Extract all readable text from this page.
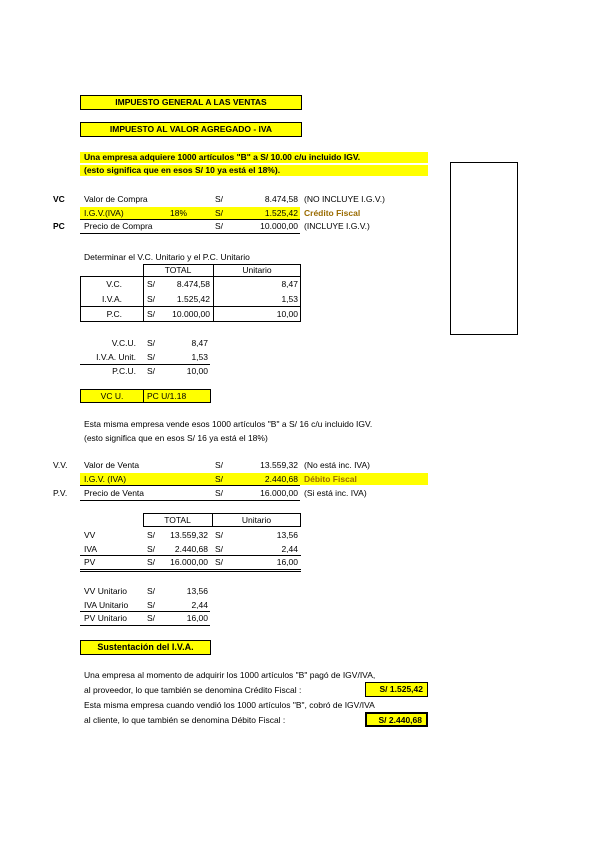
IMPUESTO GENERAL A LAS VENTAS
IMPUESTO AL VALOR AGREGADO - IVA
Una empresa adquiere 1000 artículos "B" a S/ 10.00 c/u incluido IGV.
(esto significa que en esos S/ 10 ya está el 18%).
VC Valor de Compra	S/	8.474,58 (NO INCLUYE I.G.V.)
I.G.V.(IVA)	18%	S/	1.525,42 Crédito Fiscal
PC Precio de Compra	S/	10.000,00 (INCLUYE I.G.V.)
Determinar el V.C. Unitario y el P.C. Unitario
TOTAL	Unitario
V.C.	S/	8.474,58	8,47
I.V.A.	S/	1.525,42	1,53
P.C.	S/	10.000,00	10,00
V.C.U. S/	8,47
I.V.A. Unit. S/	1,53
P.C.U. S/	10,00
VC U.	PC U/1.18
Esta misma empresa vende esos 1000 artículos "B" a S/ 16 c/u incluido IGV.
(esto significa que en esos S/ 16 ya está el 18%)
V.V. Valor de Venta	S/	13.559,32 (No está inc. IVA)
I.G.V. (IVA)	S/	2.440,68 Débito Fiscal
P.V. Precio de Venta	S/	16.000,00 (Si está inc. IVA)
TOTAL	Unitario
VV	S/	13.559,32 S/	13,56
IVA	S/	2.440,68 S/	2,44
PV	S/	16.000,00 S/	16,00
VV Unitario S/	13,56
IVA Unitario S/	2,44
PV Unitario S/	16,00
Sustentación del I.V.A.
Una empresa al momento de adquirir los 1000 artículos "B" pagó de IGV/IVA,
al proveedor, lo que también se denomina Crédito Fiscal :	S/ 1.525,42
Esta misma empresa cuando vendió los 1000 artículos "B", cobró de IGV/IVA
al cliente, lo que también se denomina Débito Fiscal :	S/ 2.440,68
